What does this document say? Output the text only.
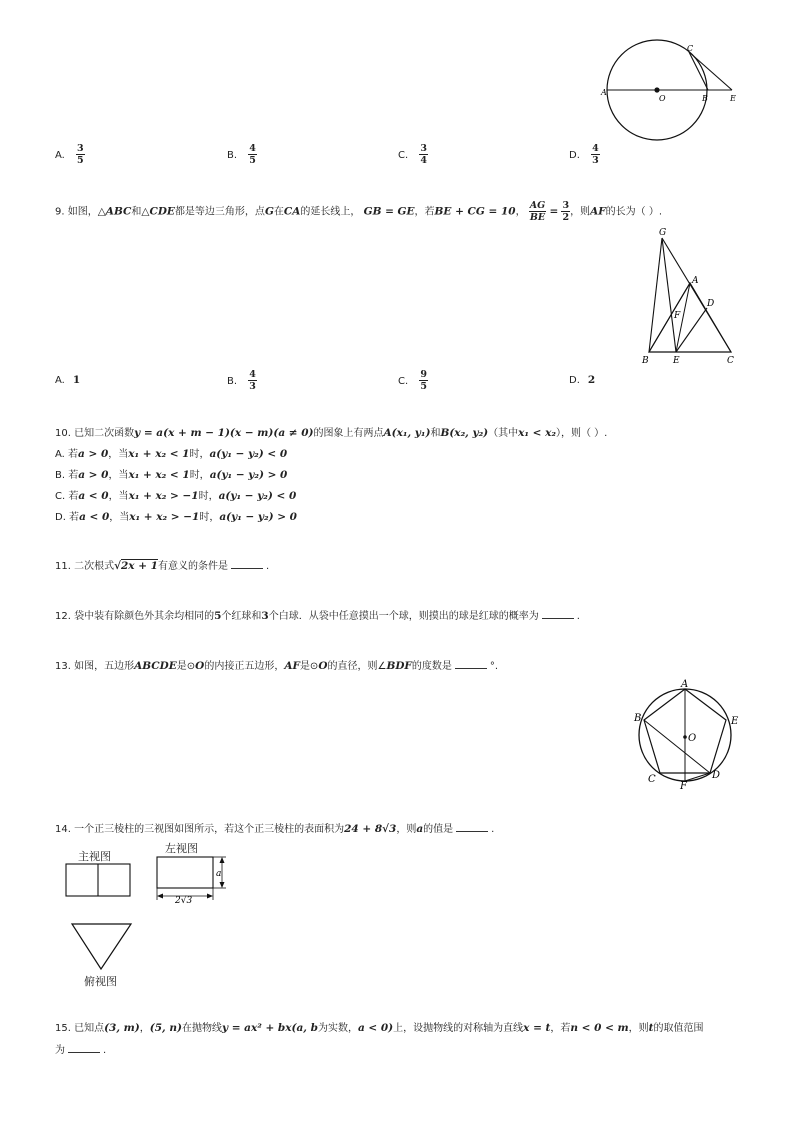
A
O	B	E
C
A. $\frac{3}{5}$	B. $\frac{4}{5}$	C. $\frac{3}{4}$	D. $\frac{4}{3}$
9. 如图，△ABC和△CDE都是等边三角形，点G在CA的延长线上， GB = GE，若BE + CG = 10， $\frac{AG}{BE} = \frac{3}{2}$ ，则AF的长为（ ）.
G
A
D
F
B	E	C
A. 1	B. $\frac{4}{3}$	C. $\frac{9}{5}$	D. 2
10. 已知二次函数y = a(x + m − 1)(x − m)(a ≠ 0)的图象上有两点A(x₁, y₁)和B(x₂, y₂)（其中x₁ < x₂），则（ ）.
A. 若a > 0，当x₁ + x₂ < 1时，a(y₁ − y₂) < 0
B. 若a > 0，当x₁ + x₂ < 1时，a(y₁ − y₂) > 0
C. 若a < 0，当x₁ + x₂ > −1时，a(y₁ − y₂) < 0
D. 若a < 0，当x₁ + x₂ > −1时，a(y₁ − y₂) > 0
11. 二次根式√2x + 1有意义的条件是	.
12. 袋中装有除颜色外其余均相同的5个红球和3个白球．从袋中任意摸出一个球，则摸出的球是红球的概率为	.
13. 如图，五边形ABCDE是⊙O的内接正五边形，AF是⊙O的直径，则∠BDF的度数是	°.
A
B	E
O
C
F
D
14. 一个正三棱柱的三视图如图所示，若这个正三棱柱的表面积为24 + 8√3，则a的值是	.
主视图
左视图
a
2√3
俯视图
15. 已知点(3, m)，(5, n)在抛物线y = ax² + bx(a, b为实数，a < 0)上，设抛物线的对称轴为直线x = t，若n < 0 < m，则t的取值范围
为	.
